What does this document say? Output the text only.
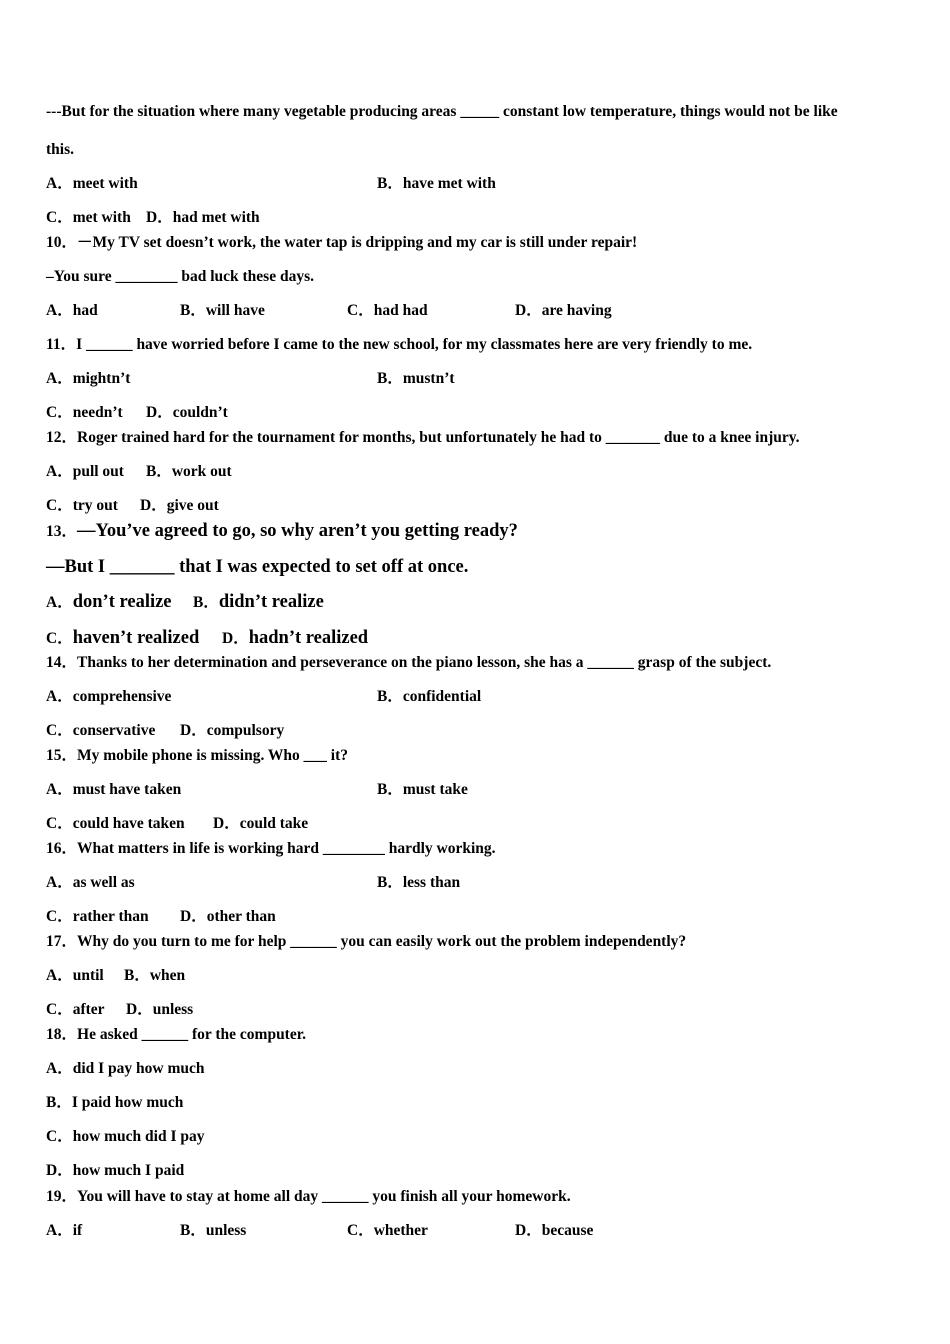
---But for the situation where many vegetable producing areas _____ constant low temperature, things would not be like
this.
A．meet with	B．have met with
C．met with D．had met with
10．－My TV set doesn’t work, the water tap is dripping and my car is still under repair!
–You sure ________ bad luck these days.
A．had	B．will have	C．had had	D．are having
11．I ______ have worried before I came to the new school, for my classmates here are very friendly to me.
A．mightn’t	B．mustn’t
C．needn’t D．couldn’t
12．Roger trained hard for the tournament for months, but unfortunately he had to _______ due to a knee injury.
A．pull out B．work out
C．try out D．give out
13．—You’ve agreed to go, so why aren’t you getting ready?
—But I _______ that I was expected to set off at once.
A．don’t realize B．didn’t realize
C．haven’t realized D．hadn’t realized
14．Thanks to her determination and perseverance on the piano lesson, she has a ______ grasp of the subject.
A．comprehensive	B．confidential
C．conservative D．compulsory
15．My mobile phone is missing. Who ___ it?
A．must have taken	B．must take
C．could have taken D．could take
16．What matters in life is working hard ________ hardly working.
A．as well as	B．less than
C．rather than D．other than
17．Why do you turn to me for help ______ you can easily work out the problem independently?
A．until B．when
C．after D．unless
18．He asked ______ for the computer.
A．did I pay how much
B．I paid how much
C．how much did I pay
D．how much I paid
19．You will have to stay at home all day ______ you finish all your homework.
A．if	B．unless	C．whether	D．because
